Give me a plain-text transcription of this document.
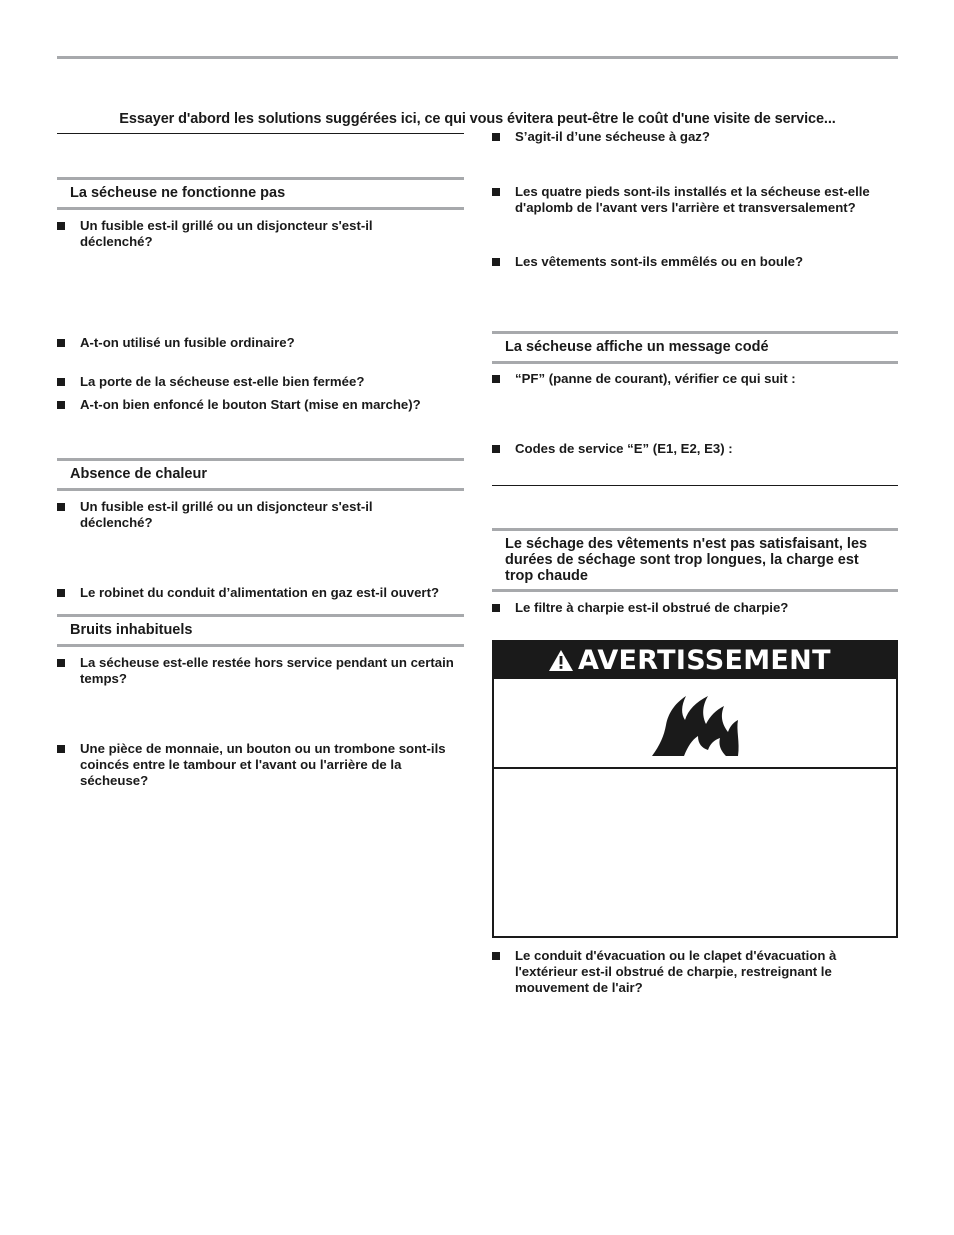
Essayer d'abord les solutions suggérées ici, ce qui vous évitera peut-être le coût d'une visite de service...
La sécheuse ne fonctionne pas
Un fusible est-il grillé ou un disjoncteur s'est-il déclenché?
A-t-on utilisé un fusible ordinaire?
La porte de la sécheuse est-elle bien fermée?
A-t-on bien enfoncé le bouton Start (mise en marche)?
Absence de chaleur
Un fusible est-il grillé ou un disjoncteur s'est-il déclenché?
Le robinet du conduit d’alimentation en gaz est-il ouvert?
Bruits inhabituels
La sécheuse est-elle restée hors service pendant un certain temps?
Une pièce de monnaie, un bouton ou un trombone sont-ils coincés entre le tambour et l'avant ou l'arrière de la sécheuse?
S’agit-il d’une sécheuse à gaz?
Les quatre pieds sont-ils installés et la sécheuse est-elle d'aplomb de l'avant vers l'arrière et transversalement?
Les vêtements sont-ils emmêlés ou en boule?
La sécheuse affiche un message codé
“PF” (panne de courant), vérifier ce qui suit :
Codes de service “E” (E1, E2, E3) :
Le séchage des vêtements n'est pas satisfaisant, les durées de séchage sont trop longues, la charge est trop chaude
Le filtre à charpie est-il obstrué de charpie?
AVERTISSEMENT
Le conduit d'évacuation ou le clapet d'évacuation à l'extérieur est-il obstrué de charpie, restreignant le mouvement de l'air?
